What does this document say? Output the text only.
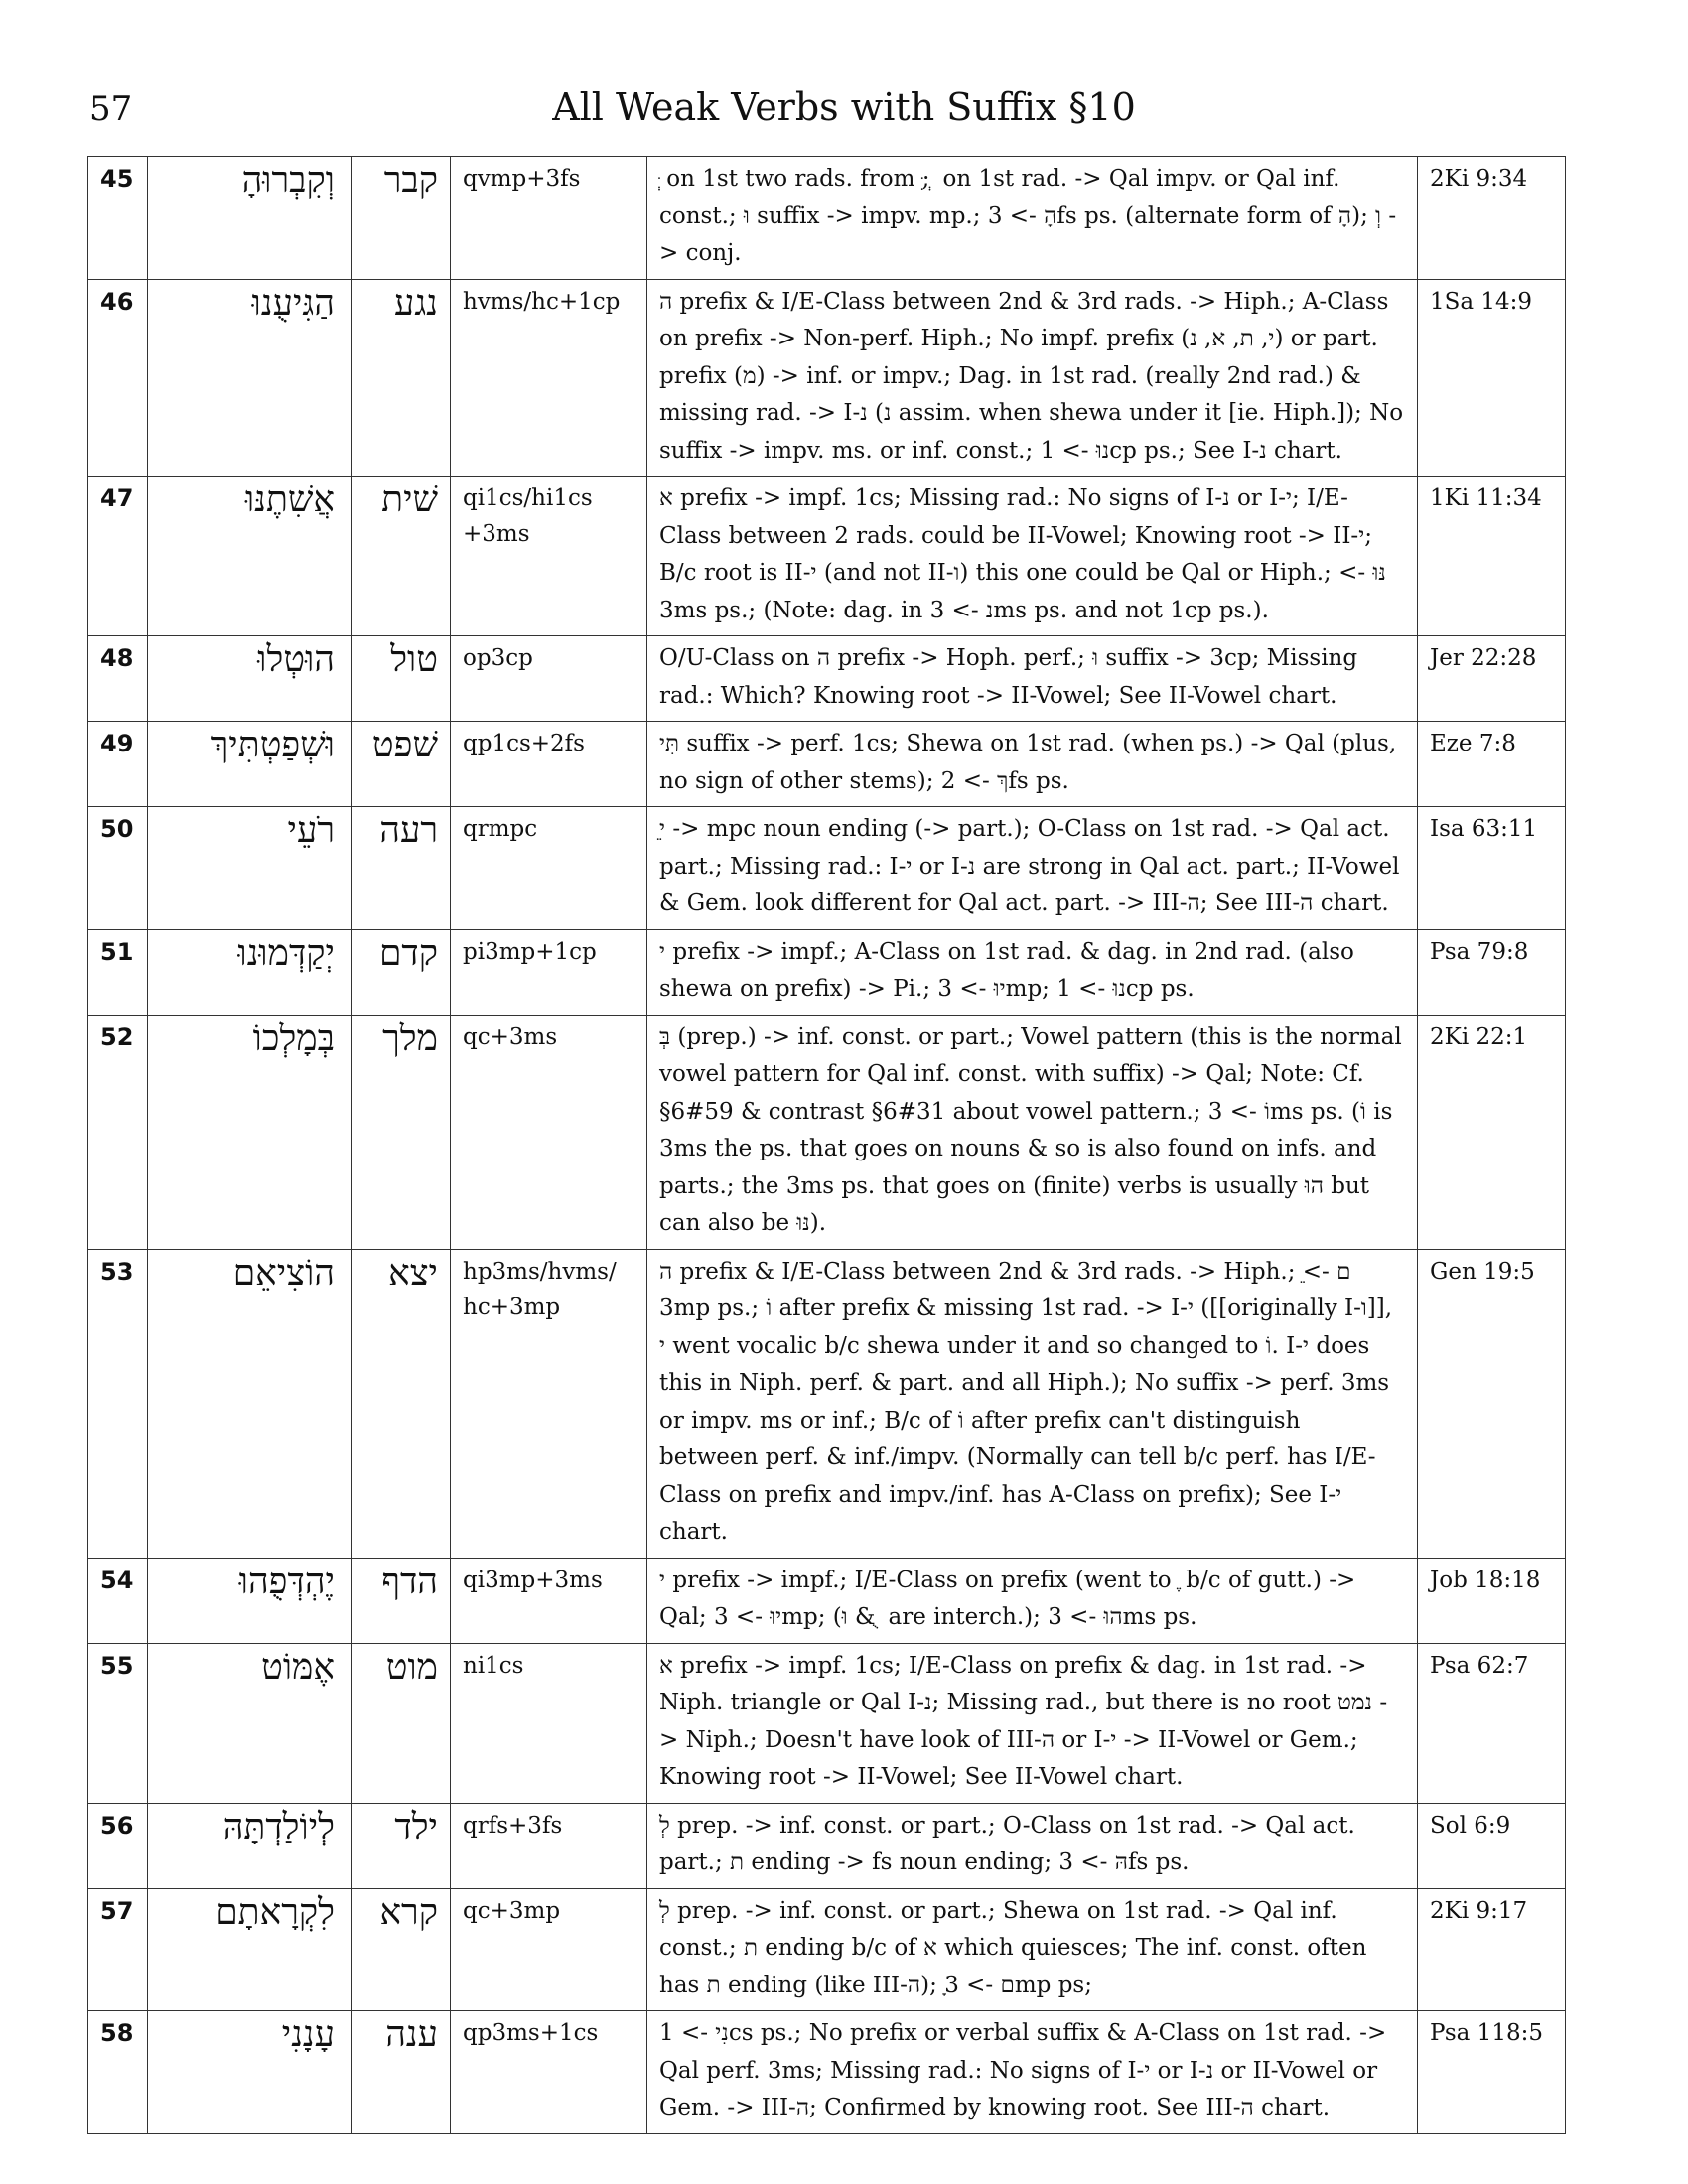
57	All Weak Verbs with Suffix §10
45	וְקִבְרוּהָ	קבר	qvmp+3fs	ְּ on 1st two rads. from ִּ; ְ on 1st rad. -> Qal impv. or Qal inf. const.; וּ suffix -> impv. mp.; הָ -> 3fs ps. (alternate form of הָ); וְ -> conj.	2Ki 9:34
46	הַגִּיעֻנוּ	נגע	hvms/hc+1cp	ה prefix & I/E-Class between 2nd & 3rd rads. -> Hiph.; A-Class on prefix -> Non-perf. Hiph.; No impf. prefix (י, ת, א, נ) or part. prefix (מ) -> inf. or impv.; Dag. in 1st rad. (really 2nd rad.) & missing rad. -> I-נ) נ assim. when shewa under it [ie. Hiph.]); No suffix -> impv. ms. or inf. const.; נוּ -> 1cp ps.; See I-נ chart.	1Sa 14:9
47	אֲשִׁתֶנּוּ	שׁית	qi1cs/hi1cs +3ms	א prefix -> impf. 1cs; Missing rad.: No signs of I-נ or I-י; I/E-Class between 2 rads. could be II-Vowel; Knowing root -> II-י; B/c root is II-י (and not II-ו) this one could be Qal or Hiph.; נּוּ -> 3ms ps.; (Note: dag. in נ -> 3ms ps. and not 1cp ps.).	1Ki 11:34
48	הוּטְלוּ	טול	op3cp	O/U-Class on ה prefix -> Hoph. perf.; וּ suffix -> 3cp; Missing rad.: Which? Knowing root -> II-Vowel; See II-Vowel chart.	Jer 22:28
49	וּשְׁפַטְתִּיךְ	שׁפט	qp1cs+2fs	תִּי suffix -> perf. 1cs; Shewa on 1st rad. (when ps.) -> Qal (plus, no sign of other stems); ךְ -> 2fs ps.	Eze 7:8
50	רֹעֵי	רעה	qrmpc	ֵי -> mpc noun ending (-> part.); O-Class on 1st rad. -> Qal act. part.; Missing rad.: I-י or I-נ are strong in Qal act. part.; II-Vowel & Gem. look different for Qal act. part. -> III-ה; See III-ה chart.	Isa 63:11
51	יְקַדְּמוּנוּ	קדם	pi3mp+1cp	י prefix -> impf.; A-Class on 1st rad. & dag. in 2nd rad. (also shewa on prefix) -> Pi.; יוּ -> 3mp; נוּ -> 1cp ps.	Psa 79:8
52	בְּמָלְכוֹ	מלך	qc+3ms	בְּ (prep.) -> inf. const. or part.; Vowel pattern (this is the normal vowel pattern for Qal inf. const. with suffix) -> Qal; Note: Cf. §6#59 & contrast §6#31 about vowel pattern.; וֹ -> 3ms ps. (וֹ is 3ms the ps. that goes on nouns & so is also found on infs. and parts.; the 3ms ps. that goes on (finite) verbs is usually הוּ but can also be נּוּ).	2Ki 22:1
53	הוֹצִיאֵם	יצא	hp3ms/hvms/ hc+3mp	ה prefix & I/E-Class between 2nd & 3rd rads. -> Hiph.; ֵם -> 3mp ps.; וֹ after prefix & missing 1st rad. -> I-י ([[originally I-ו]], י went vocalic b/c shewa under it and so changed to וֹ. I-י does this in Niph. perf. & part. and all Hiph.); No suffix -> perf. 3ms or impv. ms or inf.; B/c of וֹ after prefix can't distinguish between perf. & inf./impv. (Normally can tell b/c perf. has I/E-Class on prefix and impv./inf. has A-Class on prefix); See I-י chart.	Gen 19:5
54	יֶהְדְּפֻהוּ	הדף	qi3mp+3ms	י prefix -> impf.; I/E-Class on prefix (went to ֶ b/c of gutt.) -> Qal; יוּ -> 3mp; (וּ & ֻ are interch.); הוּ -> 3ms ps.	Job 18:18
55	אֶמּוֹט	מוט	ni1cs	א prefix -> impf. 1cs; I/E-Class on prefix & dag. in 1st rad. -> Niph. triangle or Qal I-נ; Missing rad., but there is no root נמט -> Niph.; Doesn't have look of III-ה or I-י -> II-Vowel or Gem.; Knowing root -> II-Vowel; See II-Vowel chart.	Psa 62:7
56	לְיוֹלַדְתָּהּ	ילד	qrfs+3fs	לְ prep. -> inf. const. or part.; O-Class on 1st rad. -> Qal act. part.; ת ending -> fs noun ending; הּ -> 3fs ps.	Sol 6:9
57	לִקְרָאתָם	קרא	qc+3mp	לְ prep. -> inf. const. or part.; Shewa on 1st rad. -> Qal inf. const.; ת ending b/c of א which quiesces; The inf. const. often has ת ending (like III-ה); ָם -> 3mp ps;	2Ki 9:17
58	עָנָנִי	ענה	qp3ms+1cs	נִי -> 1cs ps.; No prefix or verbal suffix & A-Class on 1st rad. -> Qal perf. 3ms; Missing rad.: No signs of I-י or I-נ or II-Vowel or Gem. -> III-ה; Confirmed by knowing root. See III-ה chart.	Psa 118:5
